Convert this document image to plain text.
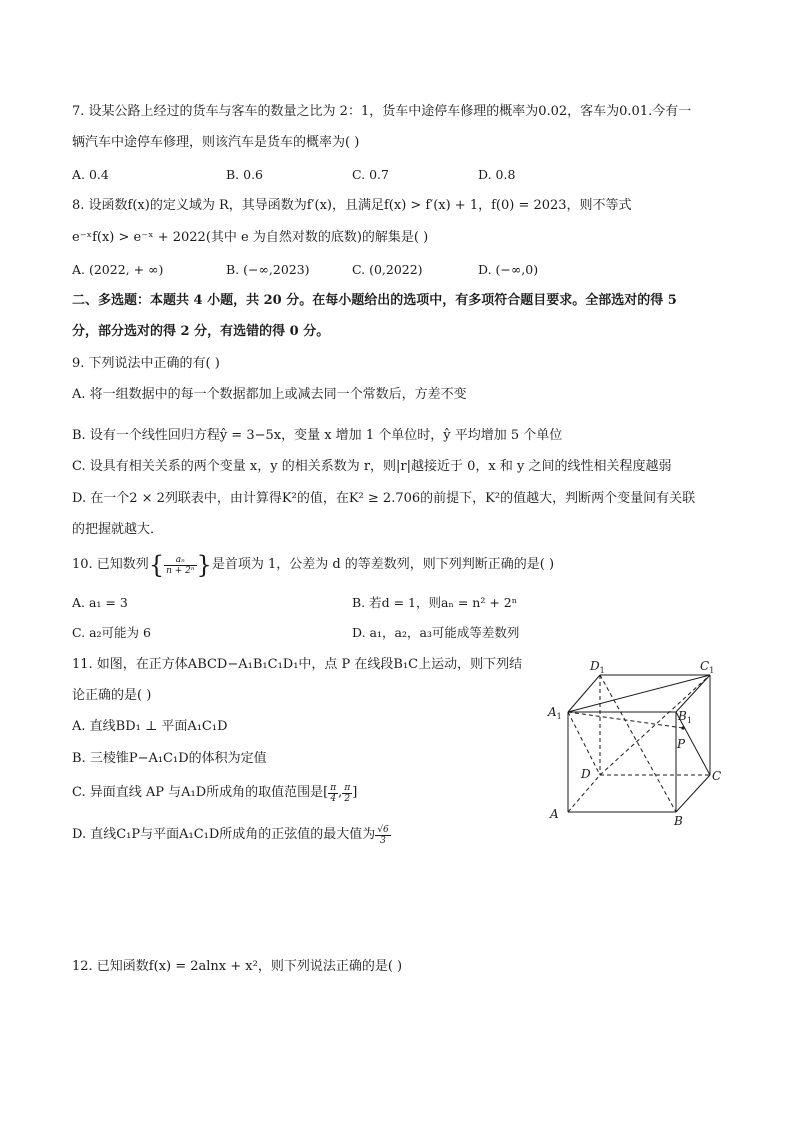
7. 设某公路上经过的货车与客车的数量之比为 2：1，货车中途停车修理的概率为0.02，客车为0.01.今有一
辆汽车中途停车修理，则该汽车是货车的概率为( )
A. 0.4	B. 0.6	C. 0.7	D. 0.8
8. 设函数f(x)的定义域为 R，其导函数为f′(x)，且满足f(x) > f′(x) + 1，f(0) = 2023，则不等式
e⁻ˣf(x) > e⁻ˣ + 2022(其中 e 为自然对数的底数)的解集是( )
A. (2022, + ∞)	B. (−∞,2023)	C. (0,2022)	D. (−∞,0)
二、多选题：本题共 4 小题，共 20 分。在每小题给出的选项中，有多项符合题目要求。全部选对的得 5
分，部分选对的得 2 分，有选错的得 0 分。
9. 下列说法中正确的有( )
A. 将一组数据中的每一个数据都加上或减去同一个常数后，方差不变
B. 设有一个线性回归方程ŷ = 3−5x，变量 x 增加 1 个单位时，ŷ 平均增加 5 个单位
C. 设具有相关关系的两个变量 x，y 的相关系数为 r，则|r|越接近于 0，x 和 y 之间的线性相关程度越弱
D. 在一个2 × 2列联表中，由计算得K²的值，在K² ≥ 2.706的前提下，K²的值越大，判断两个变量间有关联
的把握就越大．
10. 已知数列 { $\frac{\text{aₙ}}{\text{n + 2ⁿ}}$ } 是首项为 1，公差为 d 的等差数列，则下列判断正确的是( )
A. a₁ = 3	B. 若d = 1，则aₙ = n² + 2ⁿ
C. a₂可能为 6	D. a₁，a₂，a₃可能成等差数列
11. 如图，在正方体ABCD−A₁B₁C₁D₁中，点 P 在线段B₁C上运动，则下列结
论正确的是( )
A. 直线BD₁ ⊥ 平面A₁C₁D
B. 三棱锥P−A₁C₁D的体积为定值
C. 异面直线 AP 与A₁D所成角的取值范围是[ $\frac{\pi}{4}$ , $\frac{\pi}{2}$ ]
D. 直线C₁P与平面A₁C₁D所成角的正弦值的最大值为 $\frac{√6}{3}$
$D_1$	$C_1$
$A_1$	$B_1$
P
D	C
A	B
12. 已知函数f(x) = 2alnx + x²，则下列说法正确的是( )
